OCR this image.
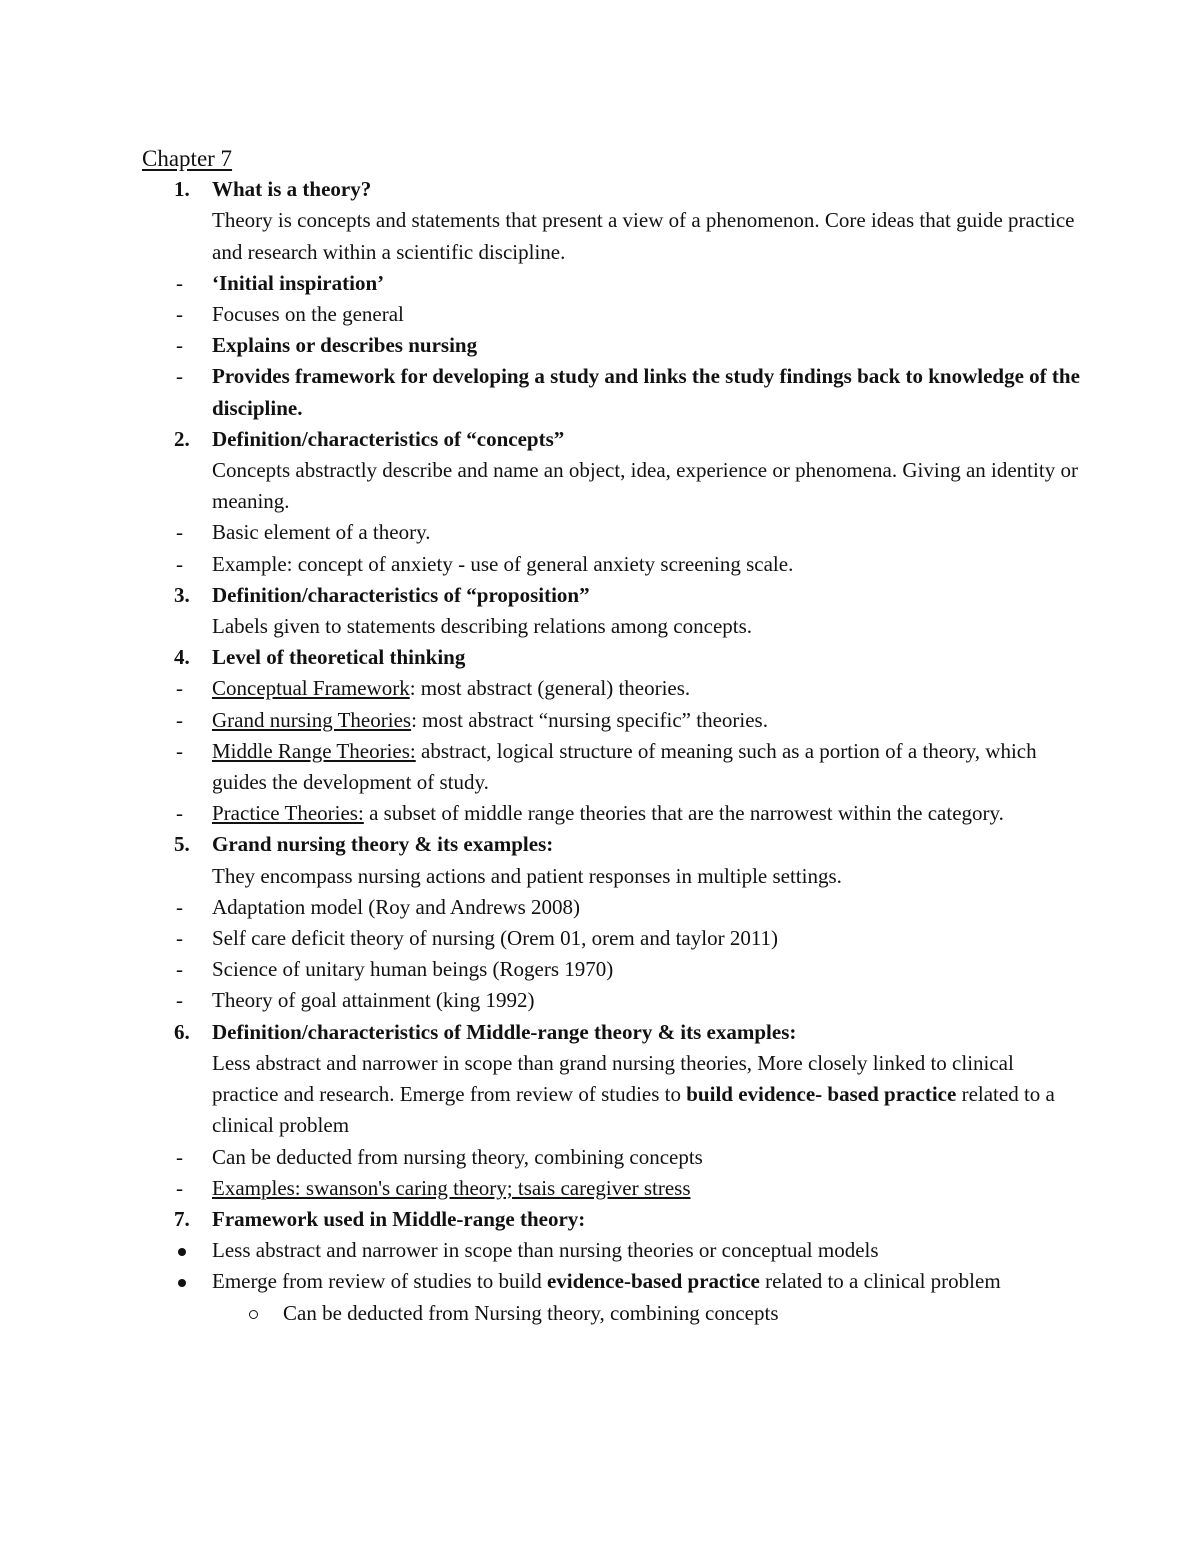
Chapter 7

1. What is a theory?

Theory is concepts and statements that present a view of a phenomenon. Core ideas that guide practice and research within a scientific discipline.

- ‘Initial inspiration’
- Focuses on the general
- Explains or describes nursing
- Provides framework for developing a study and links the study findings back to knowledge of the discipline.
2. Definition/characteristics of “concepts”

Concepts abstractly describe and name an object, idea, experience or phenomena. Giving an identity or meaning.

- Basic element of a theory.
- Example: concept of anxiety - use of general anxiety screening scale.
3. Definition/characteristics of “proposition”

Labels given to statements describing relations among concepts.

4. Level of theoretical thinking

- Conceptual Framework: most abstract (general) theories.
- Grand nursing Theories: most abstract “nursing specific” theories.
- Middle Range Theories: abstract, logical structure of meaning such as a portion of a theory, which guides the development of study.
- Practice Theories: a subset of middle range theories that are the narrowest within the category.
5. Grand nursing theory & its examples:

They encompass nursing actions and patient responses in multiple settings.

- Adaptation model (Roy and Andrews 2008)
- Self care deficit theory of nursing (Orem 01, orem and taylor 2011)
- Science of unitary human beings (Rogers 1970)
- Theory of goal attainment (king 1992)
6. Definition/characteristics of Middle-range theory & its examples:

Less abstract and narrower in scope than grand nursing theories, More closely linked to clinical practice and research. Emerge from review of studies to build evidence- based practice related to a clinical problem

- Can be deducted from nursing theory, combining concepts
- Examples: swanson's caring theory; tsais caregiver stress
7. Framework used in Middle-range theory:

Less abstract and narrower in scope than nursing theories or conceptual models
Emerge from review of studies to build evidence-based practice related to a clinical problem
Can be deducted from Nursing theory, combining concepts
